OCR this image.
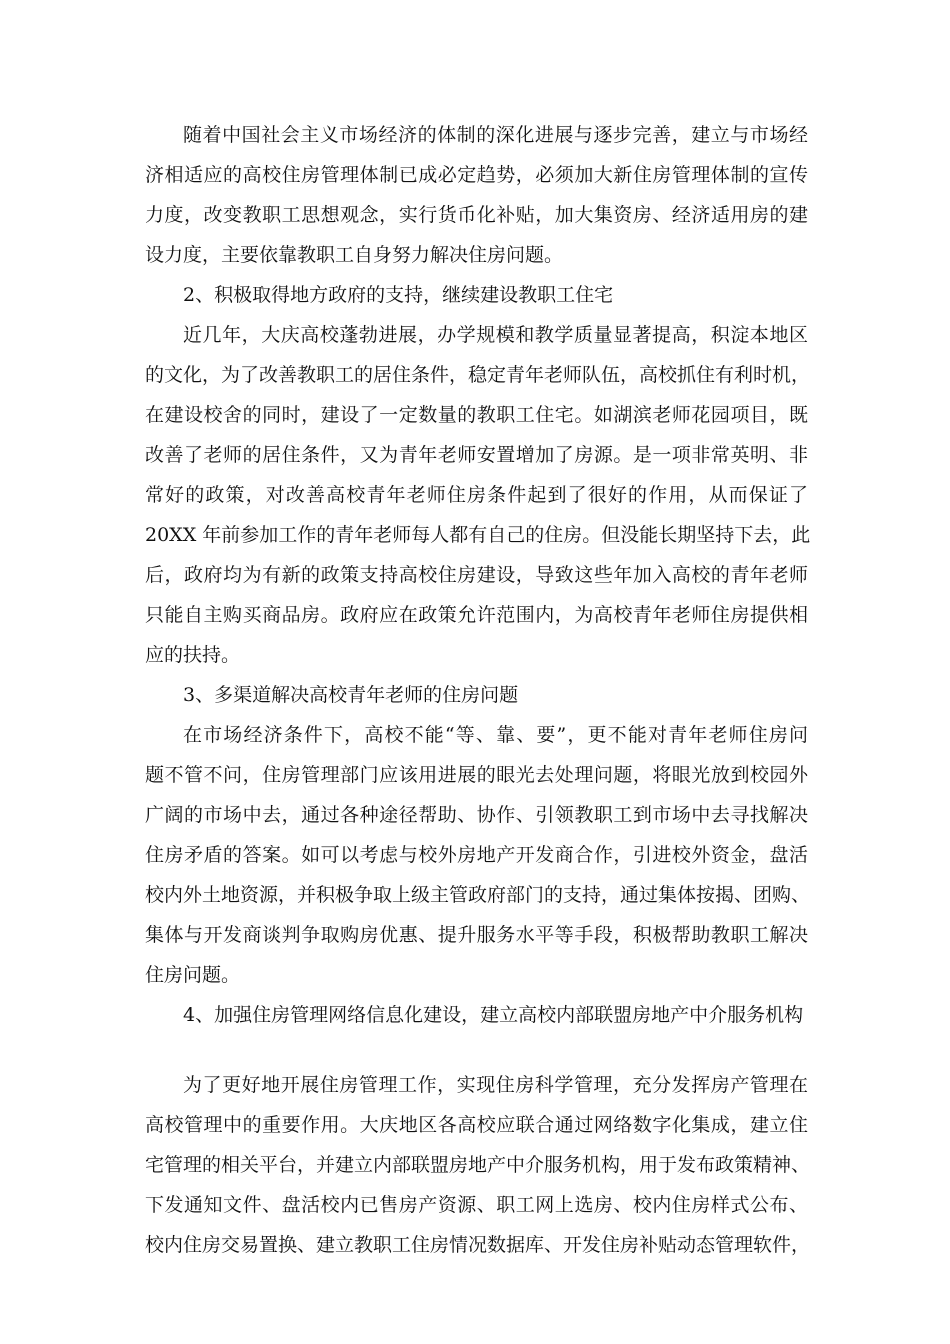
随着中国社会主义市场经济的体制的深化进展与逐步完善，建立与市场经
济相适应的高校住房管理体制已成必定趋势，必须加大新住房管理体制的宣传
力度，改变教职工思想观念，实行货币化补贴，加大集资房、经济适用房的建
设力度，主要依靠教职工自身努力解决住房问题。
2、积极取得地方政府的支持，继续建设教职工住宅
近几年，大庆高校蓬勃进展，办学规模和教学质量显著提高，积淀本地区
的文化，为了改善教职工的居住条件，稳定青年老师队伍，高校抓住有利时机，
在建设校舍的同时，建设了一定数量的教职工住宅。如湖滨老师花园项目，既
改善了老师的居住条件，又为青年老师安置增加了房源。是一项非常英明、非
常好的政策，对改善高校青年老师住房条件起到了很好的作用，从而保证了
20XX 年前参加工作的青年老师每人都有自己的住房。但没能长期坚持下去，此
后，政府均为有新的政策支持高校住房建设，导致这些年加入高校的青年老师
只能自主购买商品房。政府应在政策允许范围内，为高校青年老师住房提供相
应的扶持。
3、多渠道解决高校青年老师的住房问题
在市场经济条件下，高校不能“等、靠、要”，更不能对青年老师住房问
题不管不问，住房管理部门应该用进展的眼光去处理问题，将眼光放到校园外
广阔的市场中去，通过各种途径帮助、协作、引领教职工到市场中去寻找解决
住房矛盾的答案。如可以考虑与校外房地产开发商合作，引进校外资金，盘活
校内外土地资源，并积极争取上级主管政府部门的支持，通过集体按揭、团购、
集体与开发商谈判争取购房优惠、提升服务水平等手段，积极帮助教职工解决
住房问题。
4、加强住房管理网络信息化建设，建立高校内部联盟房地产中介服务机构
为了更好地开展住房管理工作，实现住房科学管理，充分发挥房产管理在
高校管理中的重要作用。大庆地区各高校应联合通过网络数字化集成，建立住
宅管理的相关平台，并建立内部联盟房地产中介服务机构，用于发布政策精神、
下发通知文件、盘活校内已售房产资源、职工网上选房、校内住房样式公布、
校内住房交易置换、建立教职工住房情况数据库、开发住房补贴动态管理软件，
